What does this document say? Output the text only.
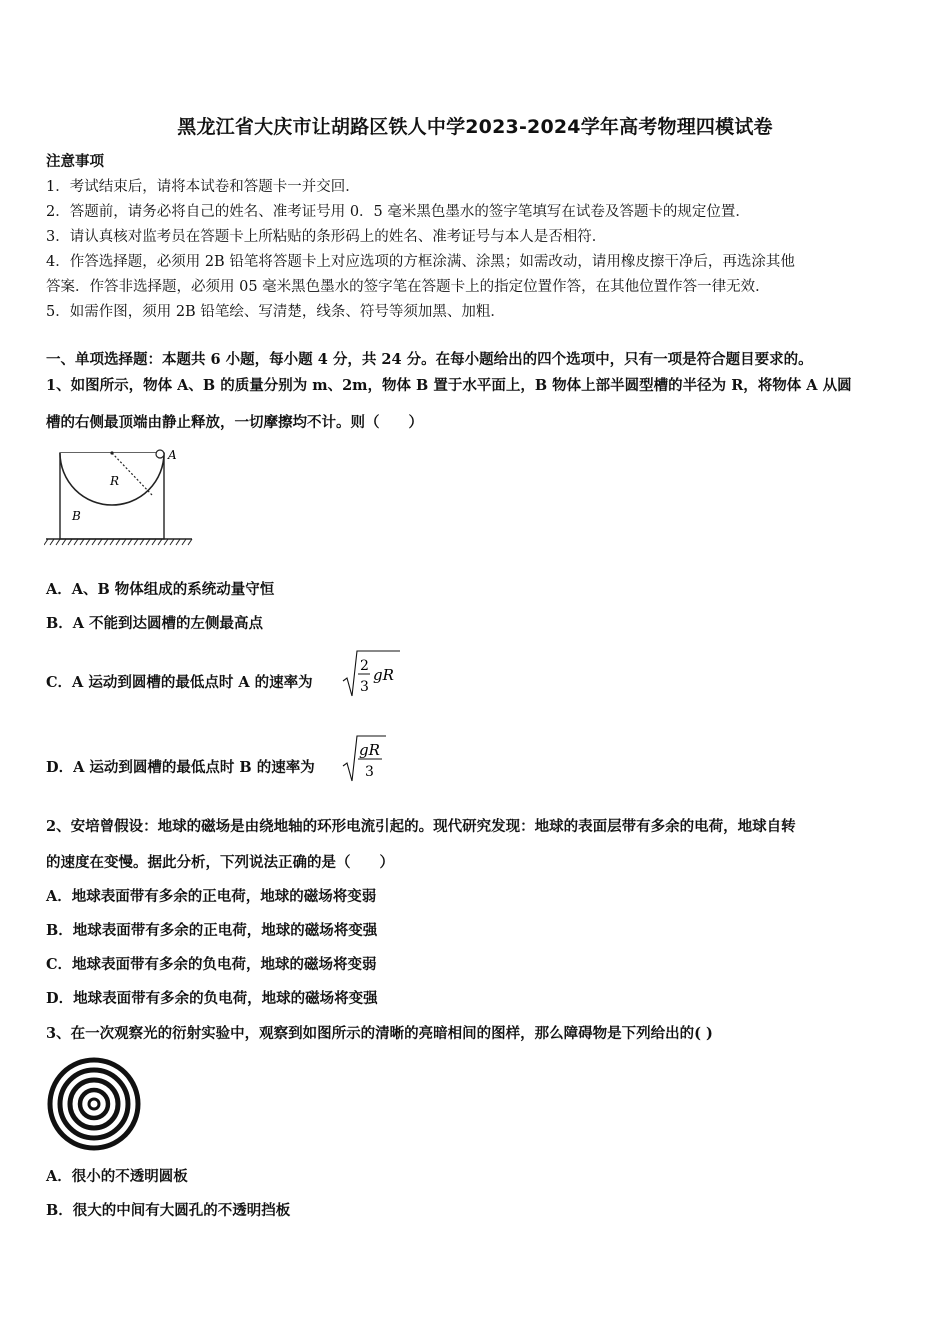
黑龙江省大庆市让胡路区铁人中学2023-2024学年高考物理四模试卷
注意事项
1．考试结束后，请将本试卷和答题卡一并交回．
2．答题前，请务必将自己的姓名、准考证号用 0．5 毫米黑色墨水的签字笔填写在试卷及答题卡的规定位置．
3．请认真核对监考员在答题卡上所粘贴的条形码上的姓名、准考证号与本人是否相符．
4．作答选择题，必须用 2B 铅笔将答题卡上对应选项的方框涂满、涂黑；如需改动，请用橡皮擦干净后，再选涂其他
答案．作答非选择题，必须用 05 毫米黑色墨水的签字笔在答题卡上的指定位置作答，在其他位置作答一律无效．
5．如需作图，须用 2B 铅笔绘、写清楚，线条、符号等须加黑、加粗．
一、单项选择题：本题共 6 小题，每小题 4 分，共 24 分。在每小题给出的四个选项中，只有一项是符合题目要求的。
1、如图所示，物体 A、B 的质量分别为 m、2m，物体 B 置于水平面上，B 物体上部半圆型槽的半径为 R，将物体 A 从圆
槽的右侧最顶端由静止释放，一切摩擦均不计。则（　　）
A
R
B
A．A、B 物体组成的系统动量守恒
B．A 不能到达圆槽的左侧最高点
C．A 运动到圆槽的最低点时 A 的速率为
2
3
gR
D．A 运动到圆槽的最低点时 B 的速率为
gR
3
2、安培曾假设：地球的磁场是由绕地轴的环形电流引起的。现代研究发现：地球的表面层带有多余的电荷，地球自转
的速度在变慢。据此分析，下列说法正确的是（　　）
A．地球表面带有多余的正电荷，地球的磁场将变弱
B．地球表面带有多余的正电荷，地球的磁场将变强
C．地球表面带有多余的负电荷，地球的磁场将变弱
D．地球表面带有多余的负电荷，地球的磁场将变强
3、在一次观察光的衍射实验中，观察到如图所示的清晰的亮暗相间的图样，那么障碍物是下列给出的( )
A．很小的不透明圆板
B．很大的中间有大圆孔的不透明挡板
